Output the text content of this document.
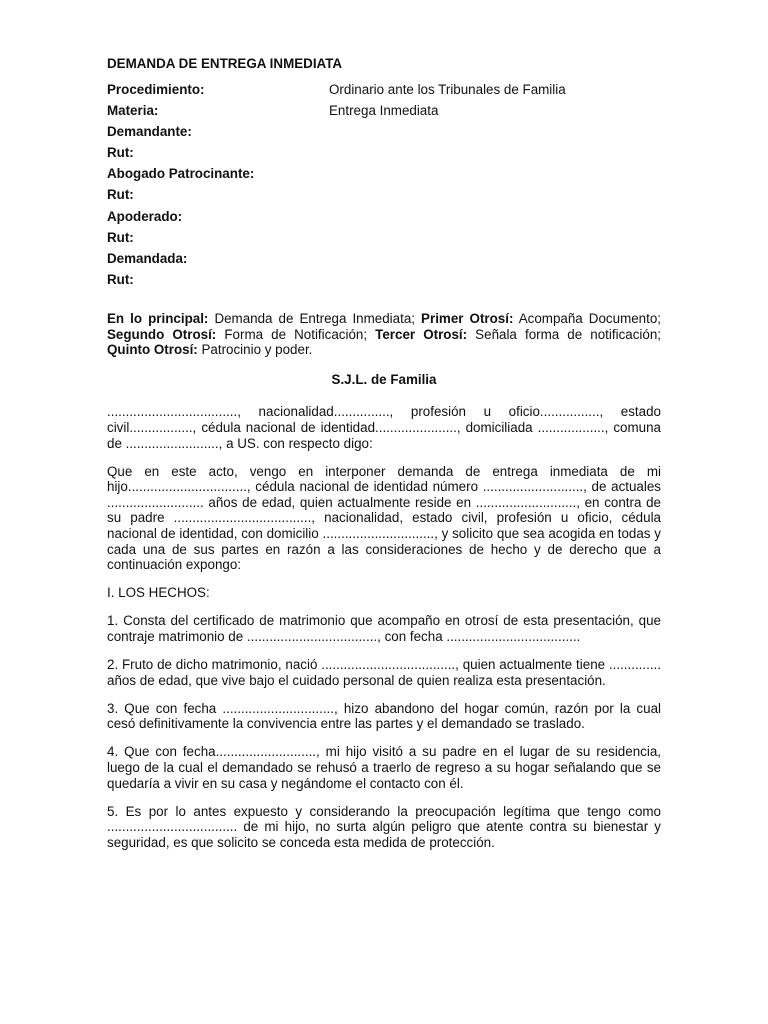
DEMANDA DE ENTREGA INMEDIATA
Procedimiento:	Ordinario ante los Tribunales de Familia
Materia:	Entrega Inmediata
Demandante:
Rut:
Abogado Patrocinante:
Rut:
Apoderado:
Rut:
Demandada:
Rut:

En lo principal: Demanda de Entrega Inmediata; Primer Otrosí: Acompaña Documento; Segundo Otrosí: Forma de Notificación; Tercer Otrosí: Señala forma de notificación; Quinto Otrosí: Patrocinio y poder.

S.J.L. de Familia

..................................., nacionalidad..............., profesión u oficio................, estado civil................., cédula nacional de identidad......................, domiciliada .................., comuna de ........................., a US. con respecto digo:

Que en este acto, vengo en interponer demanda de entrega inmediata de mi hijo................................, cédula nacional de identidad número ..........................., de actuales .......................... años de edad, quien actualmente reside en ..........................., en contra de su padre ....................................., nacionalidad, estado civil, profesión u oficio, cédula nacional de identidad, con domicilio .............................., y solicito que sea acogida en todas y cada una de sus partes en razón a las consideraciones de hecho y de derecho que a continuación expongo:

I. LOS HECHOS:

1. Consta del certificado de matrimonio que acompaño en otrosí de esta presentación, que contraje matrimonio de ..................................., con fecha ....................................

2. Fruto de dicho matrimonio, nació ...................................., quien actualmente tiene .............. años de edad, que vive bajo el cuidado personal de quien realiza esta presentación.

3. Que con fecha .............................., hizo abandono del hogar común, razón por la cual cesó definitivamente la convivencia entre las partes y el demandado se traslado.

4. Que con fecha..........................., mi hijo visitó a su padre en el lugar de su residencia, luego de la cual el demandado se rehusó a traerlo de regreso a su hogar señalando que se quedaría a vivir en su casa y negándome el contacto con él.

5. Es por lo antes expuesto y considerando la preocupación legítima que tengo como ................................... de mi hijo, no surta algún peligro que atente contra su bienestar y seguridad, es que solicito se conceda esta medida de protección.
